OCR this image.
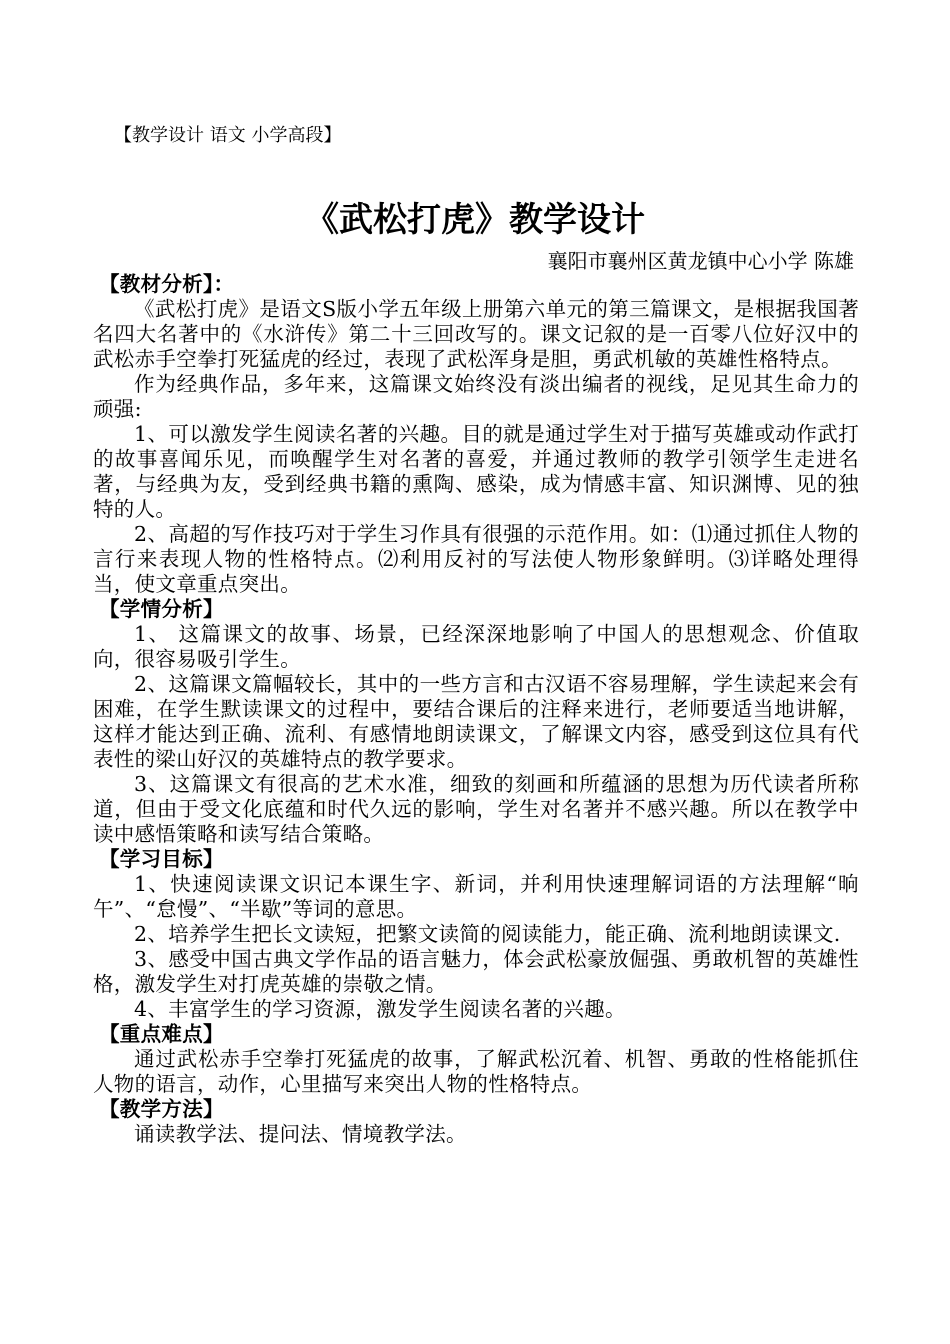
【教学设计 语文 小学高段】
《武松打虎》教学设计
襄阳市襄州区黄龙镇中心小学 陈雄

【教材分析】：

《武松打虎》是语文S版小学五年级上册第六单元的第三篇课文，是根据我国著名四大名著中的《水浒传》第二十三回改写的。课文记叙的是一百零八位好汉中的武松赤手空拳打死猛虎的经过，表现了武松浑身是胆，勇武机敏的英雄性格特点。

作为经典作品，多年来，这篇课文始终没有淡出编者的视线，足见其生命力的顽强:

1、可以激发学生阅读名著的兴趣。目的就是通过学生对于描写英雄或动作武打的故事喜闻乐见，而唤醒学生对名著的喜爱，并通过教师的教学引领学生走进名著，与经典为友，受到经典书籍的熏陶、感染，成为情感丰富、知识渊博、见的独特的人。

2、高超的写作技巧对于学生习作具有很强的示范作用。如：⑴通过抓住人物的言行来表现人物的性格特点。⑵利用反衬的写法使人物形象鲜明。⑶详略处理得当，使文章重点突出。

【学情分析】

1、 这篇课文的故事、场景，已经深深地影响了中国人的思想观念、价值取向，很容易吸引学生。

2、这篇课文篇幅较长，其中的一些方言和古汉语不容易理解，学生读起来会有困难，在学生默读课文的过程中，要结合课后的注释来进行，老师要适当地讲解，这样才能达到正确、流利、有感情地朗读课文，了解课文内容，感受到这位具有代表性的梁山好汉的英雄特点的教学要求。

3、这篇课文有很高的艺术水准，细致的刻画和所蕴涵的思想为历代读者所称道，但由于受文化底蕴和时代久远的影响，学生对名著并不感兴趣。所以在教学中读中感悟策略和读写结合策略。

【学习目标】

1、快速阅读课文识记本课生字、新词，并利用快速理解词语的方法理解“晌午”、“怠慢”、“半歇”等词的意思。

2、培养学生把长文读短，把繁文读简的阅读能力，能正确、流利地朗读课文.

3、感受中国古典文学作品的语言魅力，体会武松豪放倔强、勇敢机智的英雄性格，激发学生对打虎英雄的崇敬之情。

4、丰富学生的学习资源，激发学生阅读名著的兴趣。

【重点难点】

通过武松赤手空拳打死猛虎的故事，了解武松沉着、机智、勇敢的性格能抓住人物的语言，动作，心里描写来突出人物的性格特点。

【教学方法】

诵读教学法、提问法、情境教学法。
